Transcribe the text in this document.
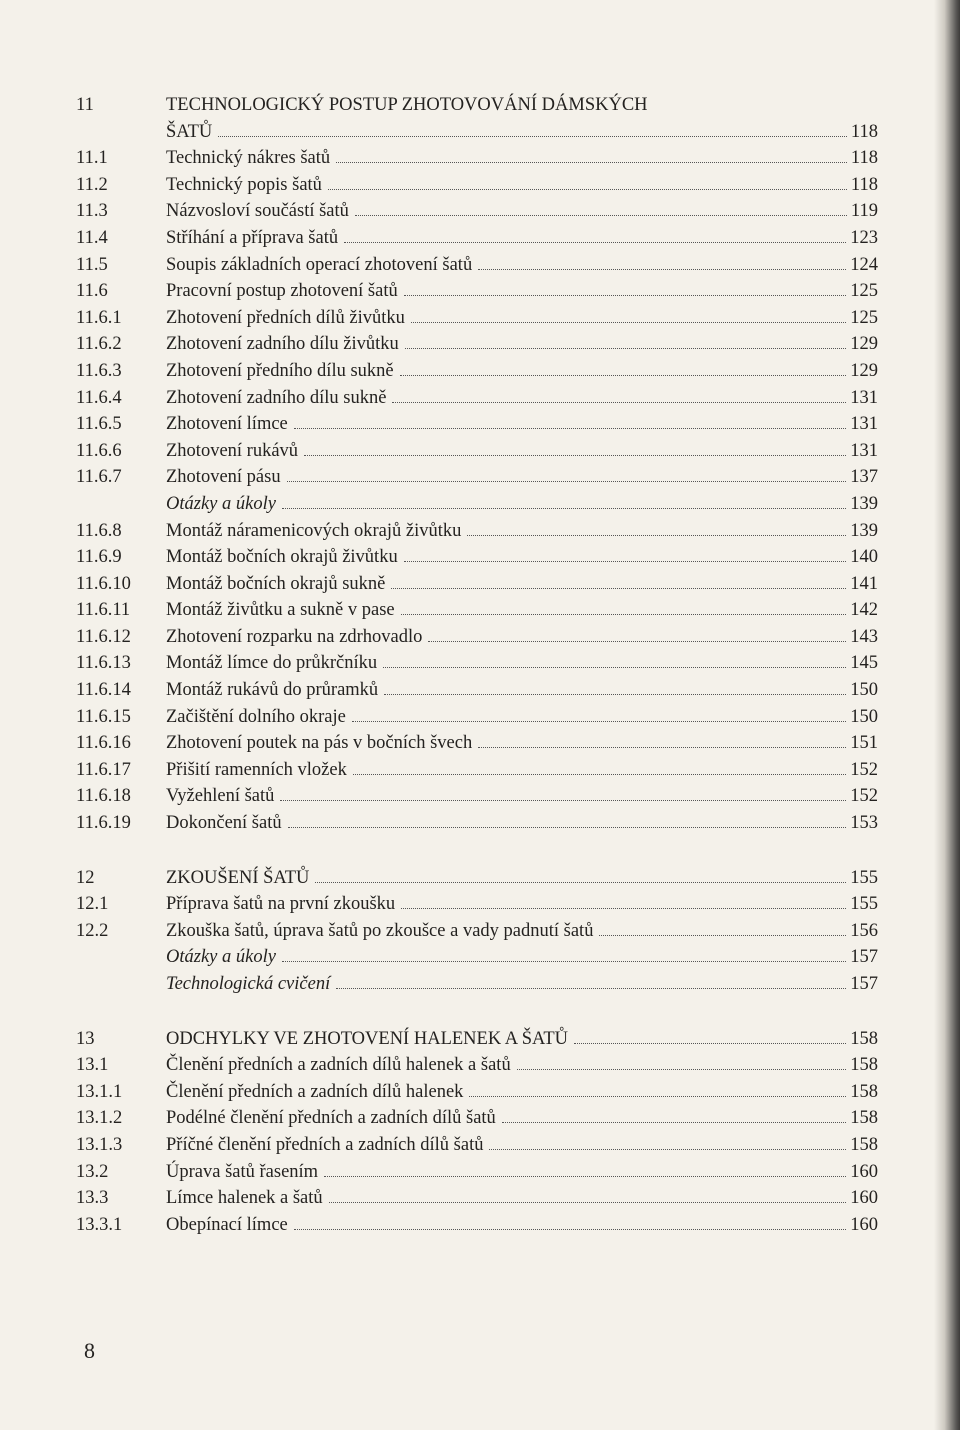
11	TECHNOLOGICKÝ POSTUP ZHOTOVOVÁNÍ DÁMSKÝCH
ŠATŮ	118
11.1	Technický nákres šatů	118
11.2	Technický popis šatů	118
11.3	Názvosloví součástí šatů	119
11.4	Stříhání a příprava šatů	123
11.5	Soupis základních operací zhotovení šatů	124
11.6	Pracovní postup zhotovení šatů	125
11.6.1	Zhotovení předních dílů živůtku	125
11.6.2	Zhotovení zadního dílu živůtku	129
11.6.3	Zhotovení předního dílu sukně	129
11.6.4	Zhotovení zadního dílu sukně	131
11.6.5	Zhotovení límce	131
11.6.6	Zhotovení rukávů	131
11.6.7	Zhotovení pásu	137
Otázky a úkoly	139
11.6.8	Montáž náramenicových okrajů živůtku	139
11.6.9	Montáž bočních okrajů živůtku	140
11.6.10	Montáž bočních okrajů sukně	141
11.6.11	Montáž živůtku a sukně v pase	142
11.6.12	Zhotovení rozparku na zdrhovadlo	143
11.6.13	Montáž límce do průkrčníku	145
11.6.14	Montáž rukávů do průramků	150
11.6.15	Začištění dolního okraje	150
11.6.16	Zhotovení poutek na pás v bočních švech	151
11.6.17	Přišití ramenních vložek	152
11.6.18	Vyžehlení šatů	152
11.6.19	Dokončení šatů	153
12	ZKOUŠENÍ ŠATŮ	155
12.1	Příprava šatů na první zkoušku	155
12.2	Zkouška šatů, úprava šatů po zkoušce a vady padnutí šatů	156
Otázky a úkoly	157
Technologická cvičení	157
13	ODCHYLKY VE ZHOTOVENÍ HALENEK A ŠATŮ	158
13.1	Členění předních a zadních dílů halenek a šatů	158
13.1.1	Členění předních a zadních dílů halenek	158
13.1.2	Podélné členění předních a zadních dílů šatů	158
13.1.3	Příčné členění předních a zadních dílů šatů	158
13.2	Úprava šatů řasením	160
13.3	Límce halenek a šatů	160
13.3.1	Obepínací límce	160
8
